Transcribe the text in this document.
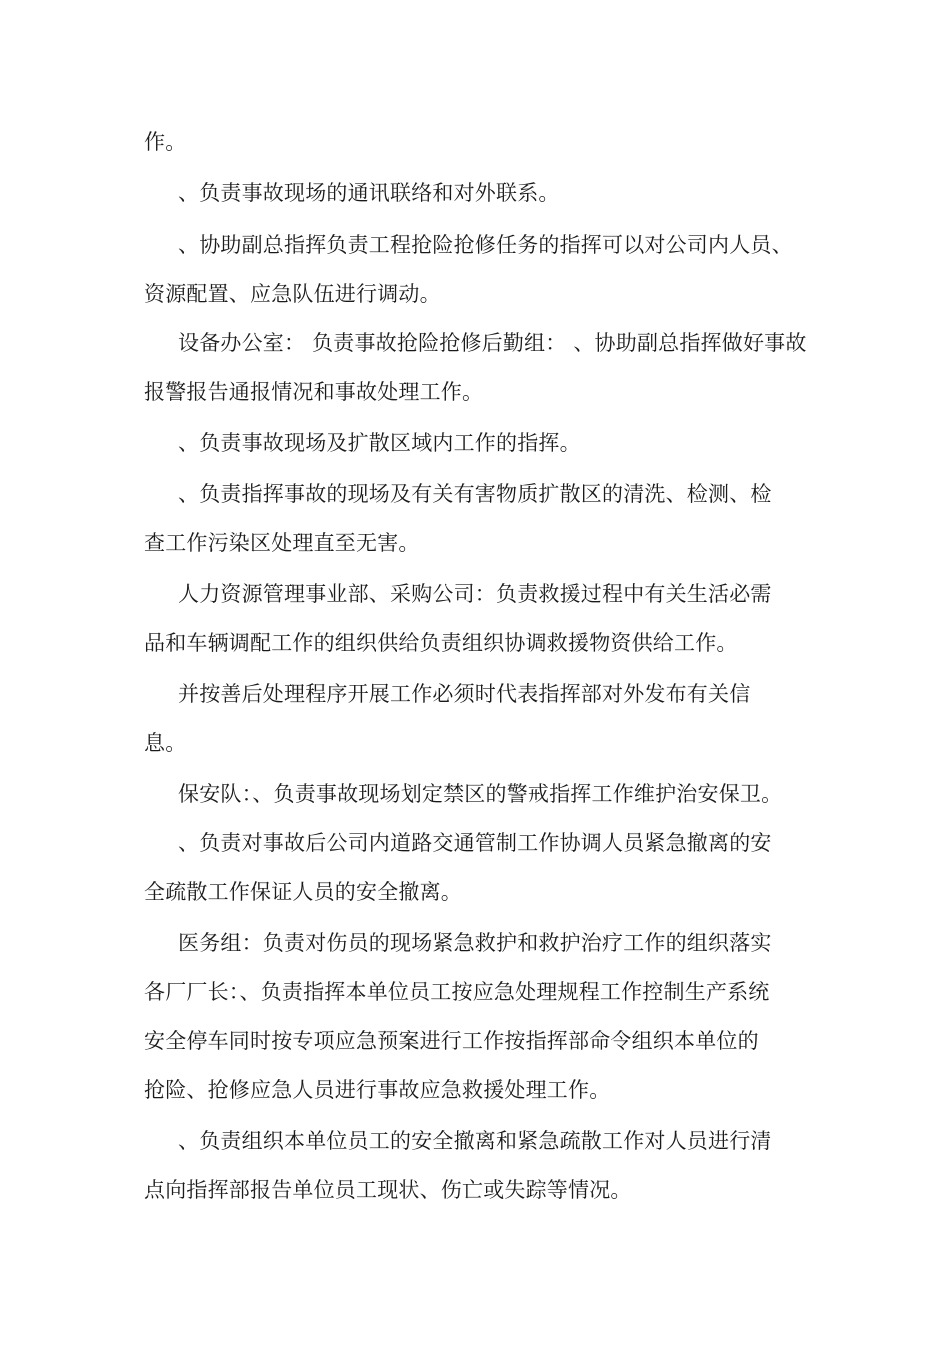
作。

、负责事故现场的通讯联络和对外联系。

、协助副总指挥负责工程抢险抢修任务的指挥可以对公司内人员、

资源配置、应急队伍进行调动。

设备办公室： 负责事故抢险抢修后勤组： 、协助副总指挥做好事故

报警报告通报情况和事故处理工作。

、负责事故现场及扩散区域内工作的指挥。

、负责指挥事故的现场及有关有害物质扩散区的清洗、检测、检

查工作污染区处理直至无害。

人力资源管理事业部、采购公司：负责救援过程中有关生活必需

品和车辆调配工作的组织供给负责组织协调救援物资供给工作。

并按善后处理程序开展工作必须时代表指挥部对外发布有关信

息。

保安队：、负责事故现场划定禁区的警戒指挥工作维护治安保卫。

、负责对事故后公司内道路交通管制工作协调人员紧急撤离的安

全疏散工作保证人员的安全撤离。

医务组：负责对伤员的现场紧急救护和救护治疗工作的组织落实

各厂厂长：、负责指挥本单位员工按应急处理规程工作控制生产系统

安全停车同时按专项应急预案进行工作按指挥部命令组织本单位的

抢险、抢修应急人员进行事故应急救援处理工作。

、负责组织本单位员工的安全撤离和紧急疏散工作对人员进行清

点向指挥部报告单位员工现状、伤亡或失踪等情况。
